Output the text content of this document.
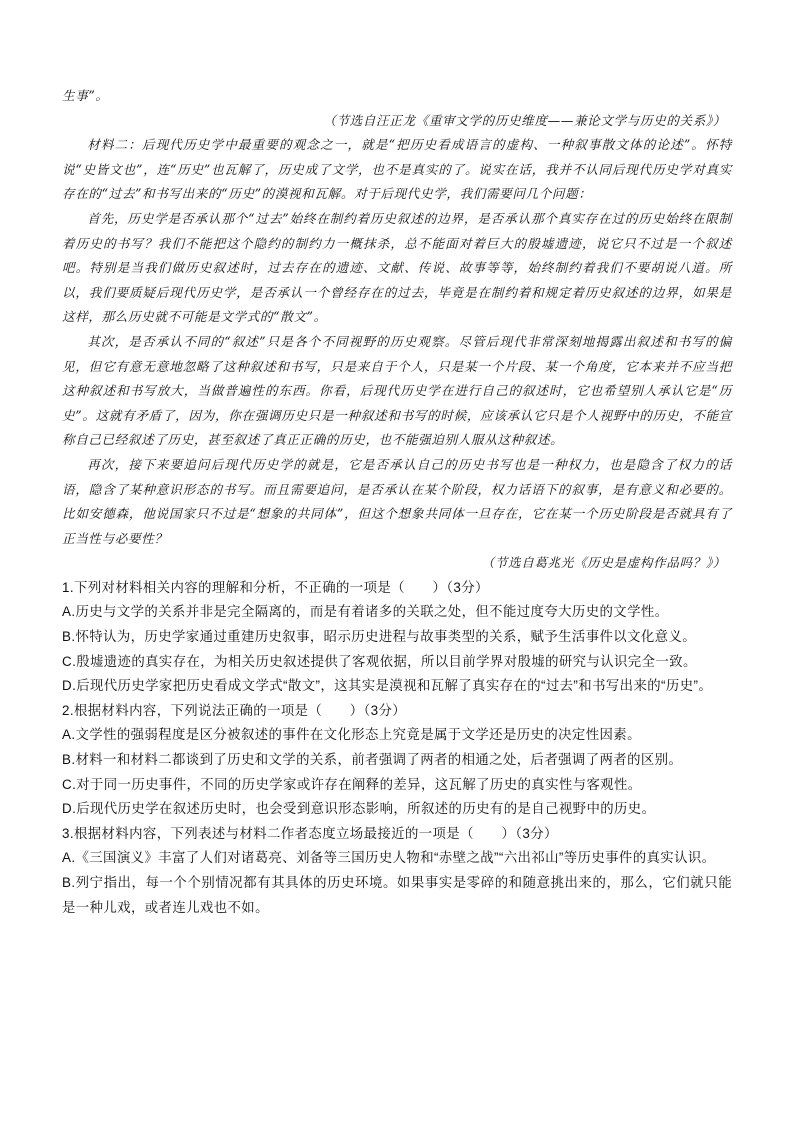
生事”。

（节选自汪正龙《重审文学的历史维度——兼论文学与历史的关系》）

材料二：后现代历史学中最重要的观念之一，就是“把历史看成语言的虚构、一种叙事散文体的论述”。怀特说“史皆文也”，连“历史”也瓦解了，历史成了文学，也不是真实的了。说实在话，我并不认同后现代历史学对真实存在的“过去”和书写出来的“历史”的漠视和瓦解。对于后现代史学，我们需要问几个问题：

首先，历史学是否承认那个“过去”始终在制约着历史叙述的边界，是否承认那个真实存在过的历史始终在限制着历史的书写？我们不能把这个隐约的制约力一概抹杀，总不能面对着巨大的殷墟遗迹，说它只不过是一个叙述吧。特别是当我们做历史叙述时，过去存在的遗迹、文献、传说、故事等等，始终制约着我们不要胡说八道。所以，我们要质疑后现代历史学，是否承认一个曾经存在的过去，毕竟是在制约着和规定着历史叙述的边界，如果是这样，那么历史就不可能是文学式的“散文”。

其次，是否承认不同的“叙述”只是各个不同视野的历史观察。尽管后现代非常深刻地揭露出叙述和书写的偏见，但它有意无意地忽略了这种叙述和书写，只是来自于个人，只是某一个片段、某一个角度，它本来并不应当把这种叙述和书写放大，当做普遍性的东西。你看，后现代历史学在进行自己的叙述时，它也希望别人承认它是“历史”。这就有矛盾了，因为，你在强调历史只是一种叙述和书写的时候，应该承认它只是个人视野中的历史，不能宣称自己已经叙述了历史，甚至叙述了真正正确的历史，也不能强迫别人服从这种叙述。

再次，接下来要追问后现代历史学的就是，它是否承认自己的历史书写也是一种权力，也是隐含了权力的话语，隐含了某种意识形态的书写。而且需要追问，是否承认在某个阶段，权力话语下的叙事，是有意义和必要的。比如安德森，他说国家只不过是“想象的共同体”，但这个想象共同体一旦存在，它在某一个历史阶段是否就具有了正当性与必要性？

（节选自葛兆光《历史是虚构作品吗？》）

1.下列对材料相关内容的理解和分析，不正确的一项是（　　）（3分）

A.历史与文学的关系并非是完全隔离的，而是有着诸多的关联之处，但不能过度夸大历史的文学性。

B.怀特认为，历史学家通过重建历史叙事，昭示历史进程与故事类型的关系，赋予生活事件以文化意义。

C.殷墟遗迹的真实存在，为相关历史叙述提供了客观依据，所以目前学界对殷墟的研究与认识完全一致。

D.后现代历史学家把历史看成文学式“散文”，这其实是漠视和瓦解了真实存在的“过去”和书写出来的“历史”。

2.根据材料内容，下列说法正确的一项是（　　）（3分）

A.文学性的强弱程度是区分被叙述的事件在文化形态上究竟是属于文学还是历史的决定性因素。

B.材料一和材料二都谈到了历史和文学的关系，前者强调了两者的相通之处，后者强调了两者的区别。

C.对于同一历史事件，不同的历史学家或许存在阐释的差异，这瓦解了历史的真实性与客观性。

D.后现代历史学在叙述历史时，也会受到意识形态影响，所叙述的历史有的是自己视野中的历史。

3.根据材料内容，下列表述与材料二作者态度立场最接近的一项是（　　）（3分）

A.《三国演义》丰富了人们对诸葛亮、刘备等三国历史人物和“赤壁之战”“六出祁山”等历史事件的真实认识。

B.列宁指出，每一个个别情况都有其具体的历史环境。如果事实是零碎的和随意挑出来的，那么，它们就只能是一种儿戏，或者连儿戏也不如。
